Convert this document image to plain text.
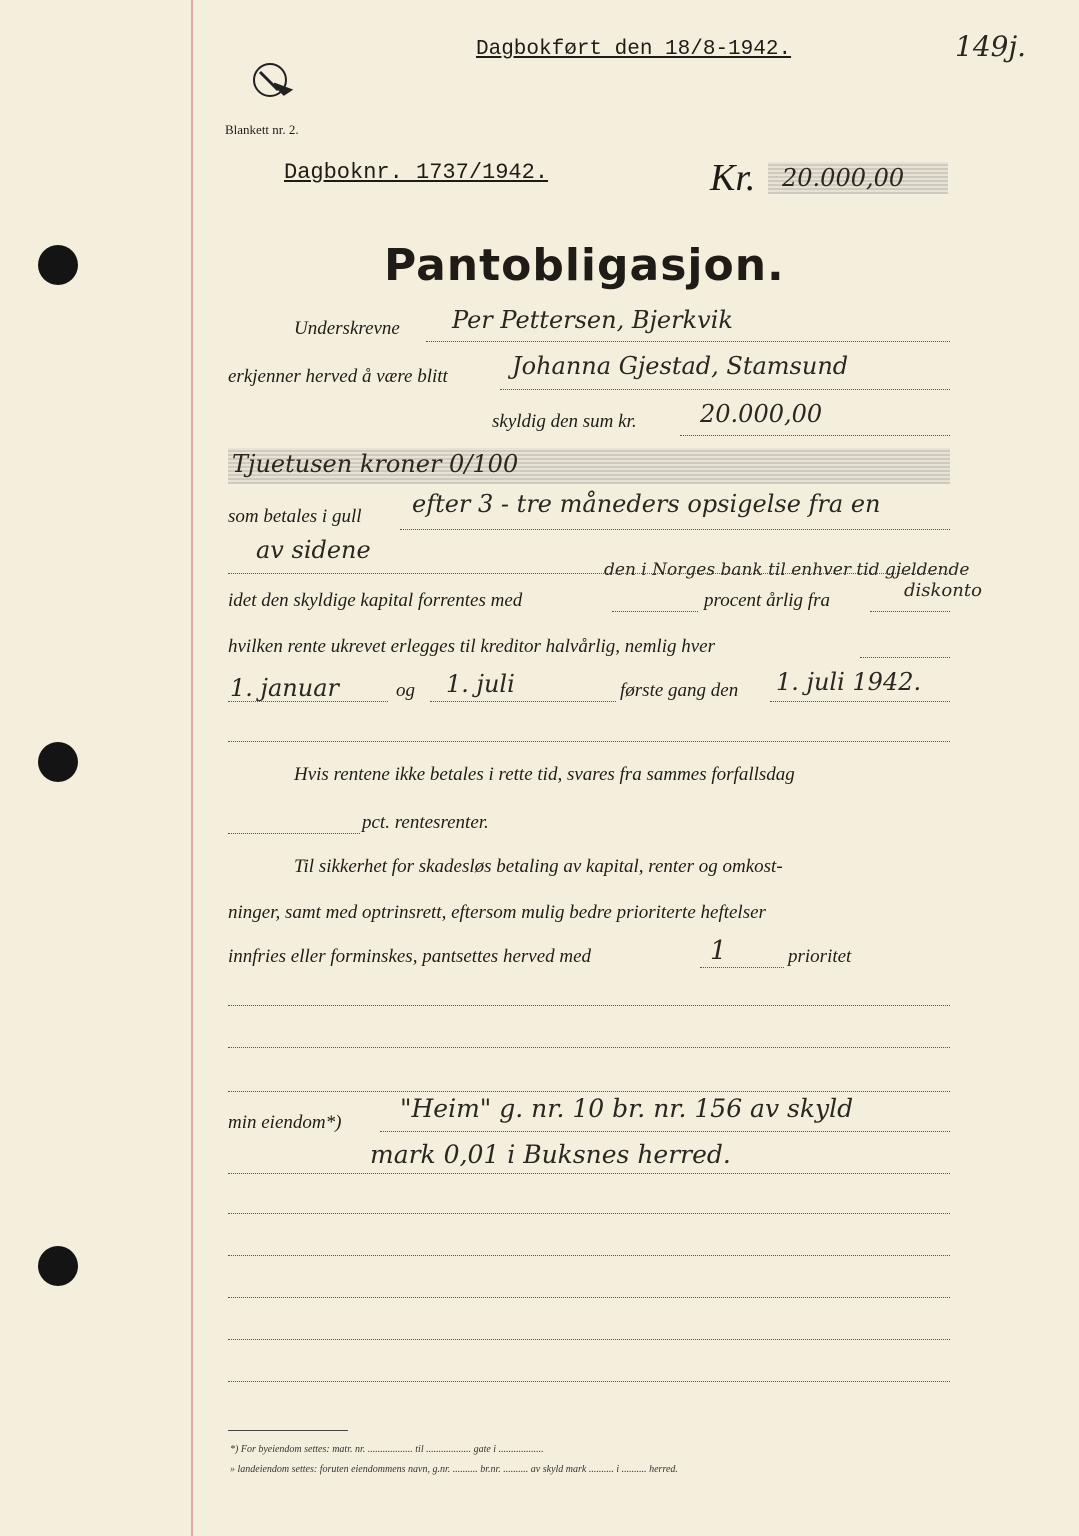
Dagbokført den 18/8-1942.	149j.
Blankett nr. 2.
Dagboknr. 1737/1942.	Kr. 20.000,00
Pantobligasjon.
Underskrevne Per Pettersen, Bjerkvik
erkjenner herved å være blitt	Johanna Gjestad, Stamsund
skyldig den sum kr.	20.000,00
Tjuetusen kroner 0/100
som betales i gull efter 3 - tre måneders opsigelse fra en
av sidene
den i Norges bank til enhver tid gjeldende
idet den skyldige kapital forrentes med	procent årlig fra	diskonto
hvilken rente ukrevet erlegges til kreditor halvårlig, nemlig hver
1. januar	og 1. juli	første gang den 1. juli 1942.
Hvis rentene ikke betales i rette tid, svares fra sammes forfallsdag
pct. rentesrenter.
Til sikkerhet for skadesløs betaling av kapital, renter og omkost-
ninger, samt med optrinsrett, eftersom mulig bedre prioriterte heftelser
innfries eller forminskes, pantsettes herved med	1	prioritet
min eiendom*) "Heim" g. nr. 10 br. nr. 156 av skyld
mark 0,01 i Buksnes herred.
*) For byeiendom settes: matr. nr. .................. til .................. gate i ..................
» landeiendom settes: foruten eiendommens navn, g.nr. .......... br.nr. .......... av skyld mark .......... i .......... herred.
